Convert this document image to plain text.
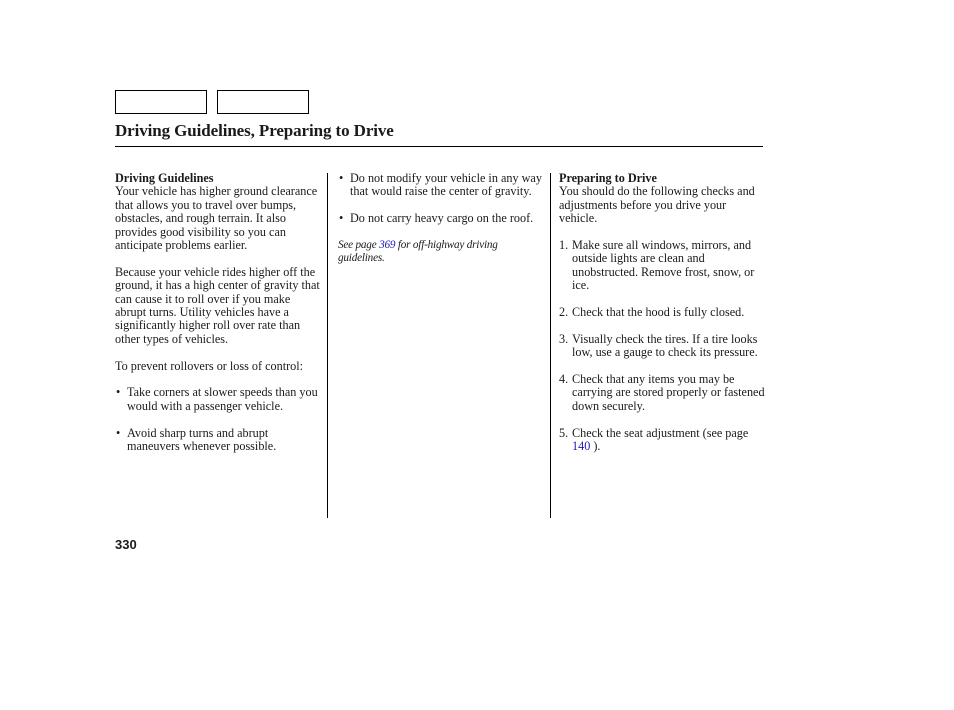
Driving Guidelines, Preparing to Drive
Driving Guidelines

Your vehicle has higher ground clearance that allows you to travel over bumps, obstacles, and rough terrain. It also provides good visibility so you can anticipate problems earlier.

Because your vehicle rides higher off the ground, it has a high center of gravity that can cause it to roll over if you make abrupt turns. Utility vehicles have a significantly higher roll over rate than other types of vehicles.

To prevent rollovers or loss of control:

• Take corners at slower speeds than you would with a passenger vehicle.
• Avoid sharp turns and abrupt maneuvers whenever possible.
• Do not modify your vehicle in any way that would raise the center of gravity.
• Do not carry heavy cargo on the roof.
See page 369 for off-highway driving guidelines.
Preparing to Drive
You should do the following checks and adjustments before you drive your vehicle.
1. Make sure all windows, mirrors, and outside lights are clean and unobstructed. Remove frost, snow, or ice.
2. Check that the hood is fully closed.
3. Visually check the tires. If a tire looks low, use a gauge to check its pressure.
4. Check that any items you may be carrying are stored properly or fastened down securely.
5. Check the seat adjustment (see page 140 ).
330
